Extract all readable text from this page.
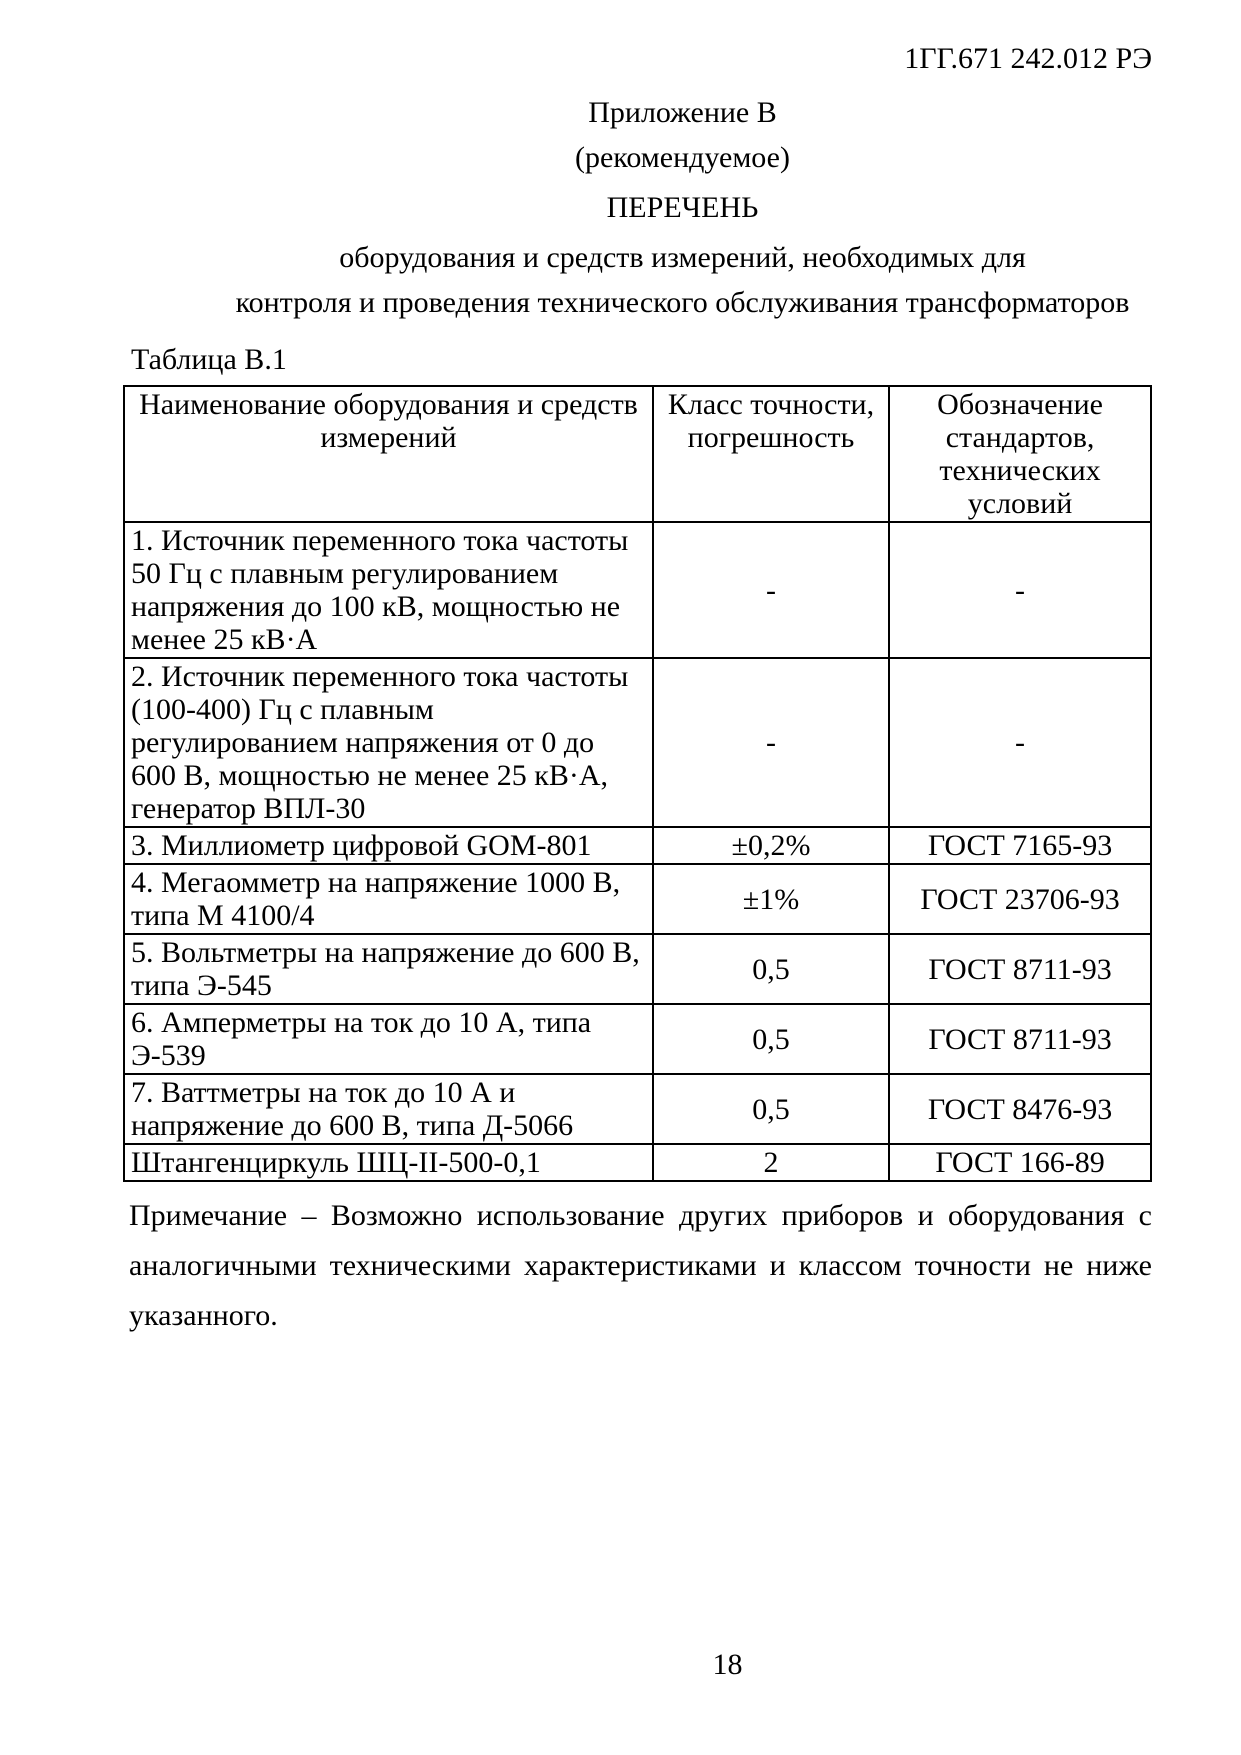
1ГГ.671 242.012 РЭ
Приложение В
(рекомендуемое)
ПЕРЕЧЕНЬ
оборудования и средств измерений, необходимых для
контроля и проведения технического обслуживания трансформаторов
Таблица В.1
Наименование оборудования и средств измерений	Класс точности, погрешность	Обозначение стандартов, технических условий
1. Источник переменного тока частоты 50 Гц с плавным регулированием напряжения до 100 кВ, мощностью не менее 25 кВ·А	-	-
2. Источник переменного тока частоты (100-400) Гц с плавным регулированием напряжения от 0 до 600 В, мощностью не менее 25 кВ·А, генератор ВПЛ-30	-	-
3. Миллиометр цифровой GOM-801	±0,2%	ГОСТ 7165-93
4. Мегаомметр на напряжение 1000 В, типа М 4100/4	±1%	ГОСТ 23706-93
5. Вольтметры на напряжение до 600 В, типа Э-545	0,5	ГОСТ 8711-93
6. Амперметры на ток до 10 А, типа Э-539	0,5	ГОСТ 8711-93
7. Ваттметры на ток до 10 А и напряжение до 600 В, типа Д-5066	0,5	ГОСТ 8476-93
Штангенциркуль ШЦ-II-500-0,1	2	ГОСТ 166-89
Примечание – Возможно использование других приборов и оборудования с аналогичными техническими характеристиками и классом точности не ниже указанного.
18
